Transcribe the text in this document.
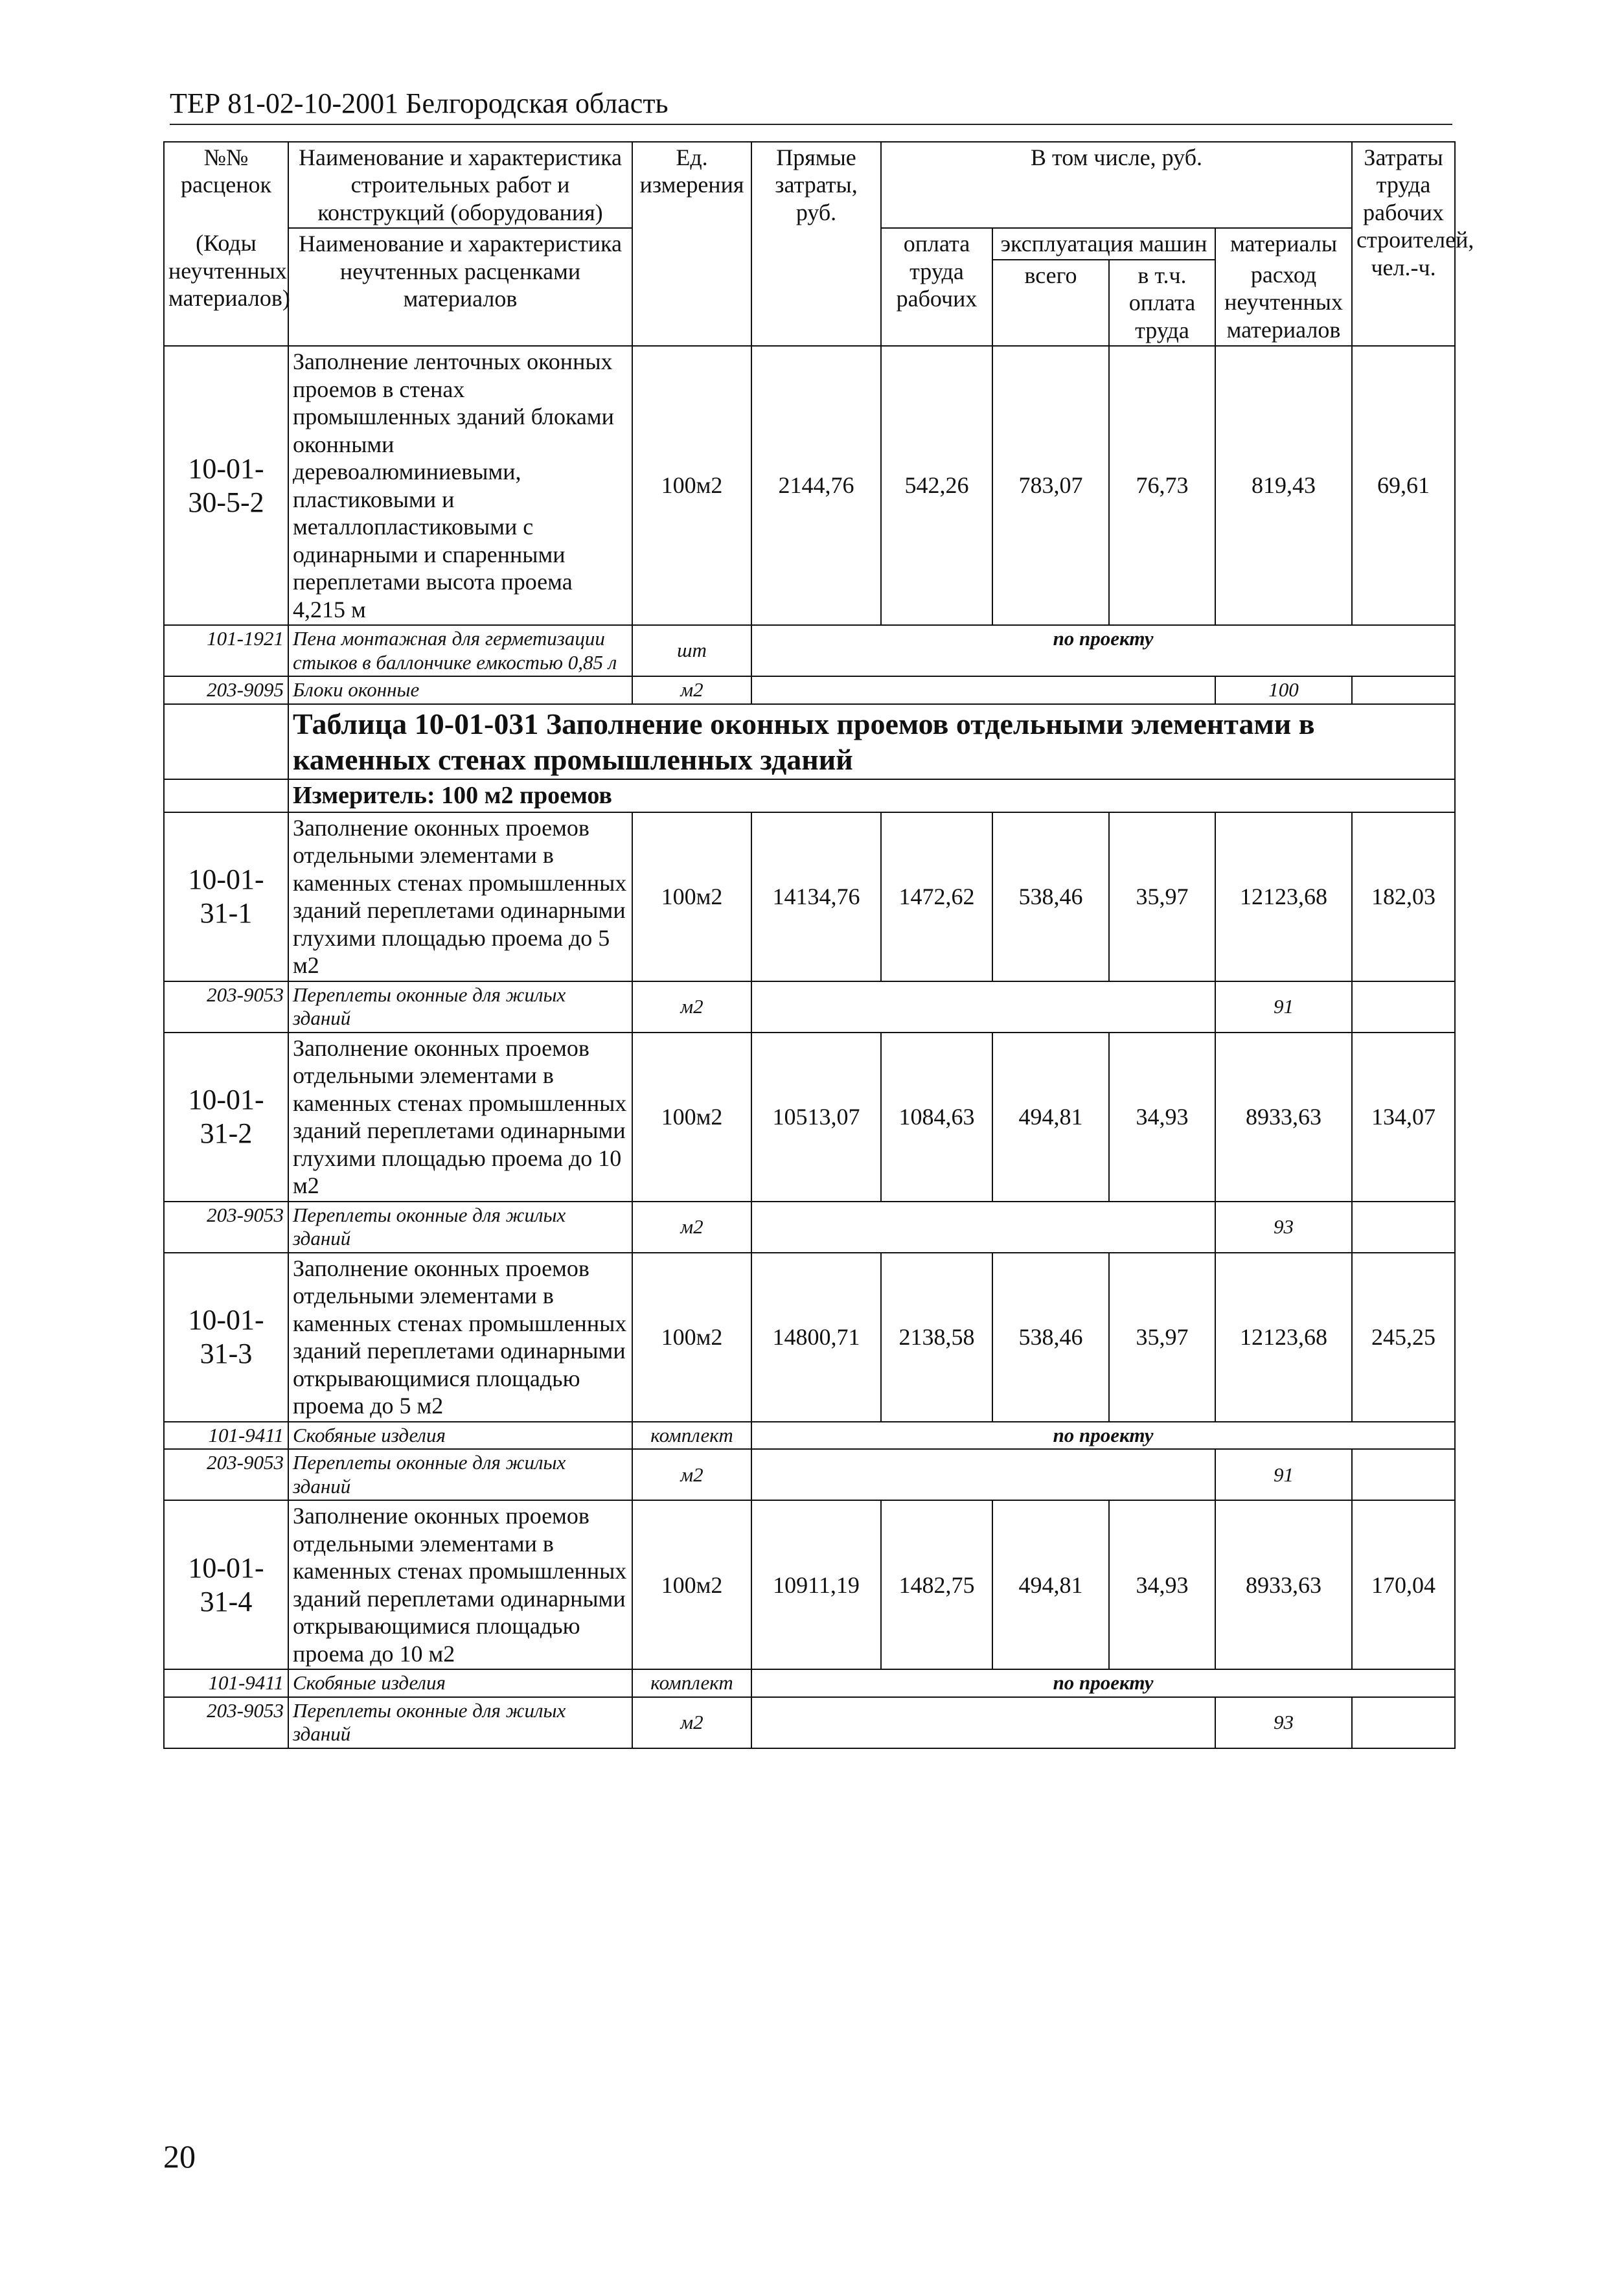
ТЕР 81-02-10-2001 Белгородская область
№№ расценок	Наименование и характеристика строительных работ и конструкций (оборудования)	Ед. измерения	Прямые затраты, руб.	В том числе, руб.				Затраты труда рабочих строителей, чел.-ч.
(Коды неучтенных материалов)	Наименование и характеристика неучтенных расценками материалов			оплата труда рабочих	эксплуатация машин		материалы	
					всего	в т.ч. оплата труда	расход неучтенных материалов	
10-01-30-5-2	Заполнение ленточных оконных проемов в стенах промышленных зданий блоками оконными деревоалюминиевыми, пластиковыми и металлопластиковыми с одинарными и спаренными переплетами высота проема 4,215 м	100м2	2144,76	542,26	783,07	76,73	819,43	69,61
101-1921	Пена монтажная для герметизации стыков в баллончике емкостью 0,85 л	шт	по проекту					
203-9095	Блоки оконные	м2					100	
	Таблица 10-01-031 Заполнение оконных проемов отдельными элементами в каменных стенах промышленных зданий							
	Измеритель: 100 м2 проемов							
10-01-31-1	Заполнение оконных проемов отдельными элементами в каменных стенах промышленных зданий переплетами одинарными глухими площадью проема до 5 м2	100м2	14134,76	1472,62	538,46	35,97	12123,68	182,03
203-9053	Переплеты оконные для жилых зданий	м2					91	
10-01-31-2	Заполнение оконных проемов отдельными элементами в каменных стенах промышленных зданий переплетами одинарными глухими площадью проема до 10 м2	100м2	10513,07	1084,63	494,81	34,93	8933,63	134,07
203-9053	Переплеты оконные для жилых зданий	м2					93	
10-01-31-3	Заполнение оконных проемов отдельными элементами в каменных стенах промышленных зданий переплетами одинарными открывающимися площадью проема до 5 м2	100м2	14800,71	2138,58	538,46	35,97	12123,68	245,25
101-9411	Скобяные изделия	комплект	по проекту					
203-9053	Переплеты оконные для жилых зданий	м2					91	
10-01-31-4	Заполнение оконных проемов отдельными элементами в каменных стенах промышленных зданий переплетами одинарными открывающимися площадью проема до 10 м2	100м2	10911,19	1482,75	494,81	34,93	8933,63	170,04
101-9411	Скобяные изделия	комплект	по проекту					
203-9053	Переплеты оконные для жилых зданий	м2					93	
20
